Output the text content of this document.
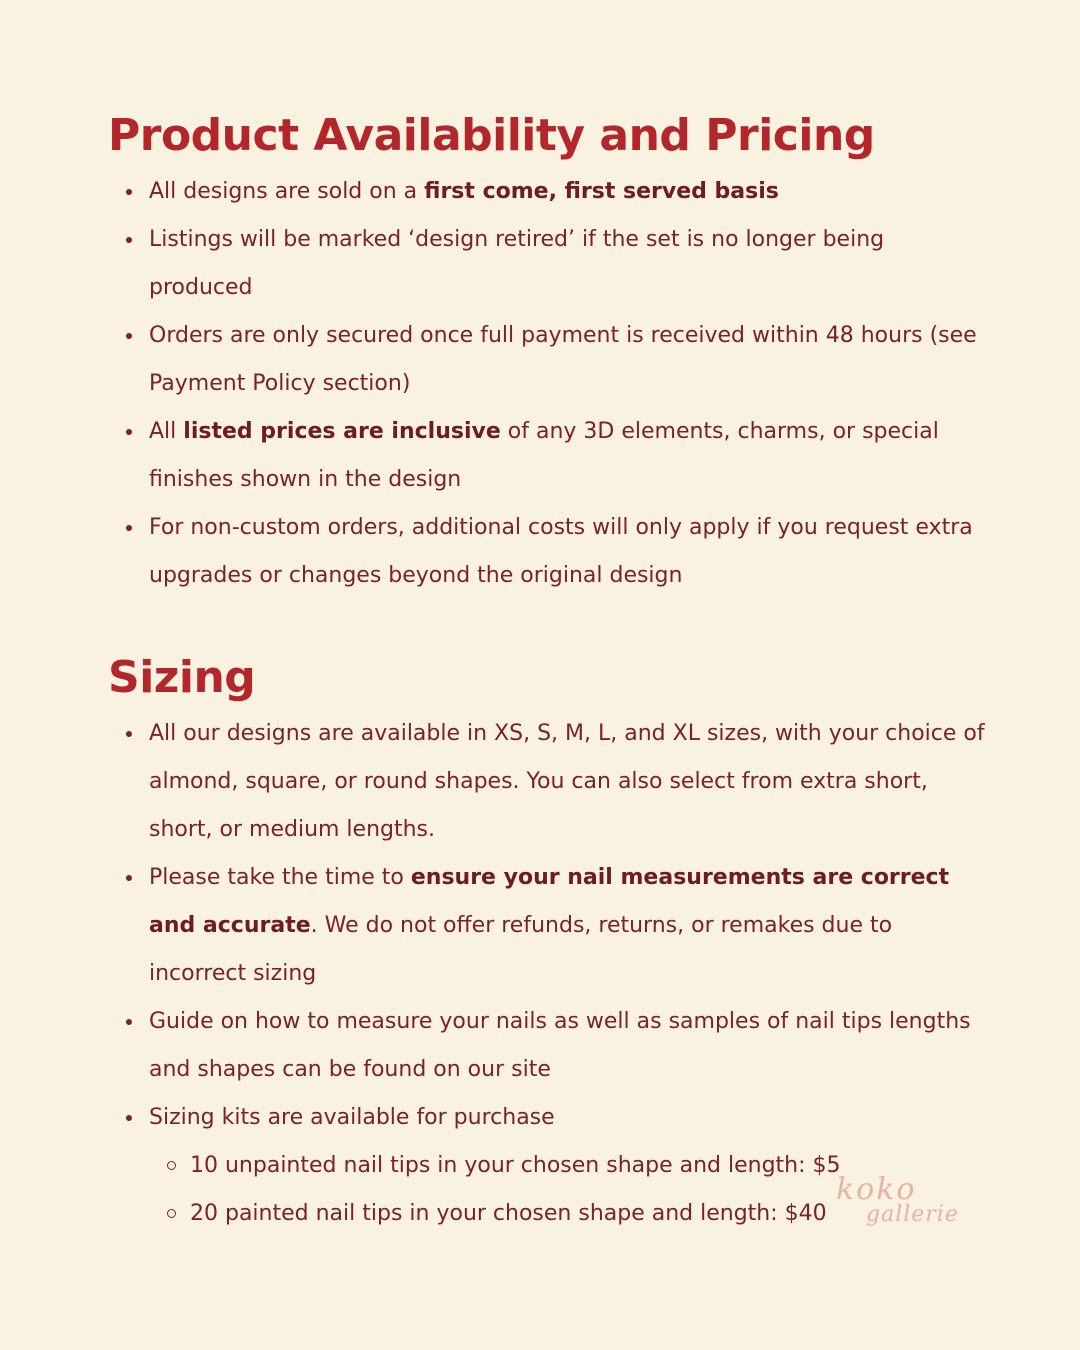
Product Availability and Pricing
All designs are sold on a first come, first served basis
Listings will be marked ‘design retired’ if the set is no longer being produced
Orders are only secured once full payment is received within 48 hours (see Payment Policy section)
All listed prices are inclusive of any 3D elements, charms, or special finishes shown in the design
For non-custom orders, additional costs will only apply if you request extra upgrades or changes beyond the original design
Sizing
All our designs are available in XS, S, M, L, and XL sizes, with your choice of almond, square, or round shapes. You can also select from extra short, short, or medium lengths.
Please take the time to ensure your nail measurements are correct and accurate. We do not offer refunds, returns, or remakes due to incorrect sizing
Guide on how to measure your nails as well as samples of nail tips lengths and shapes can be found on our site
Sizing kits are available for purchase
10 unpainted nail tips in your chosen shape and length: $5
20 painted nail tips in your chosen shape and length: $40
koko
gallerie
